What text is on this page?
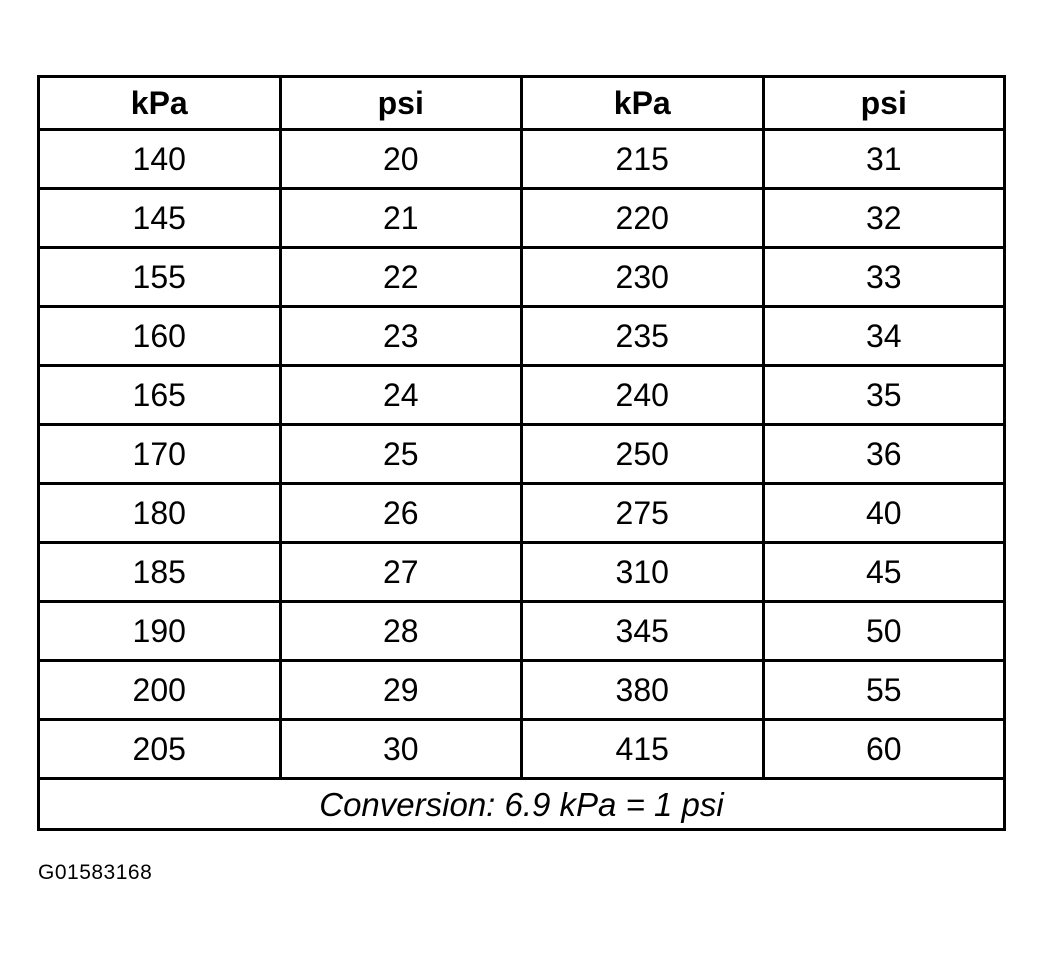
kPa	psi	kPa	psi
140	20	215	31
145	21	220	32
155	22	230	33
160	23	235	34
165	24	240	35
170	25	250	36
180	26	275	40
185	27	310	45
190	28	345	50
200	29	380	55
205	30	415	60
Conversion: 6.9 kPa = 1 psi			
G01583168
